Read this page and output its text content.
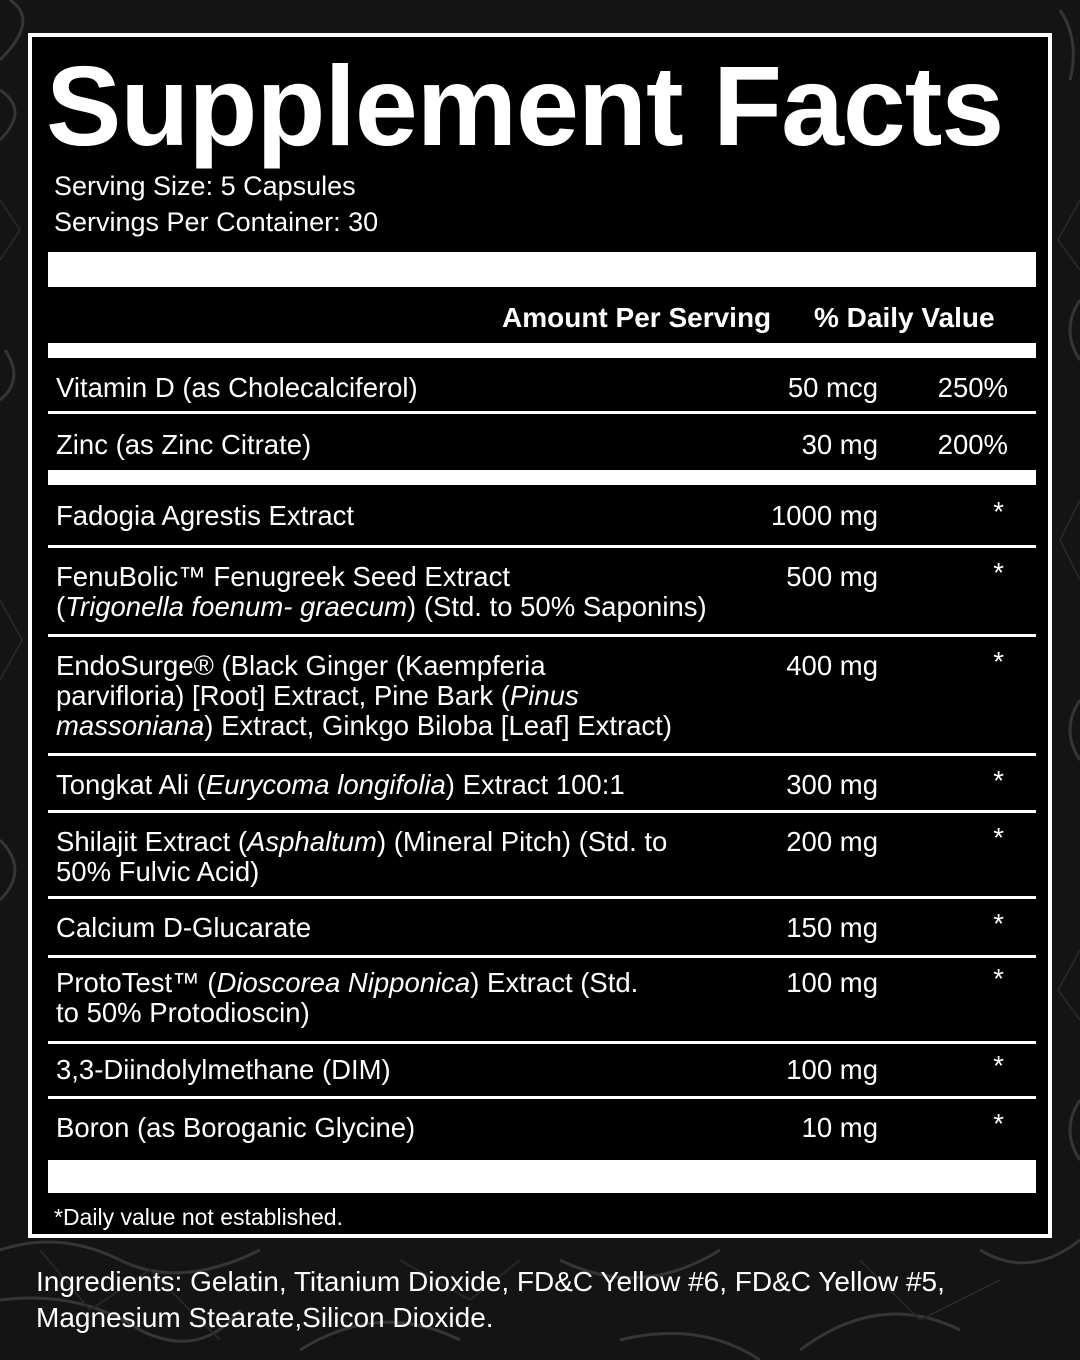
Supplement Facts
Serving Size: 5 Capsules
Servings Per Container: 30
Amount Per Serving % Daily Value
Vitamin D (as Cholecalciferol)	50 mcg 250%
Zinc (as Zinc Citrate)	30 mg 200%
Fadogia Agrestis Extract	1000 mg	*
FenuBolic™ Fenugreek Seed Extract
(Trigonella foenum- graecum) (Std. to 50% Saponins)
500 mg	*
EndoSurge® (Black Ginger (Kaempferia
parvifloria) [Root] Extract, Pine Bark (Pinus
massoniana) Extract, Ginkgo Biloba [Leaf] Extract)
400 mg	*
Tongkat Ali (Eurycoma longifolia) Extract 100:1	300 mg	*
Shilajit Extract (Asphaltum) (Mineral Pitch) (Std. to
50% Fulvic Acid)
200 mg	*
Calcium D-Glucarate	150 mg	*
ProtoTest™ (Dioscorea Nipponica) Extract (Std.
to 50% Protodioscin)
100 mg	*
3,3-Diindolylmethane (DIM)	100 mg	*
Boron (as Boroganic Glycine)	10 mg	*
*Daily value not established.
Ingredients: Gelatin, Titanium Dioxide, FD&C Yellow #6, FD&C Yellow #5, Magnesium Stearate,Silicon Dioxide.
